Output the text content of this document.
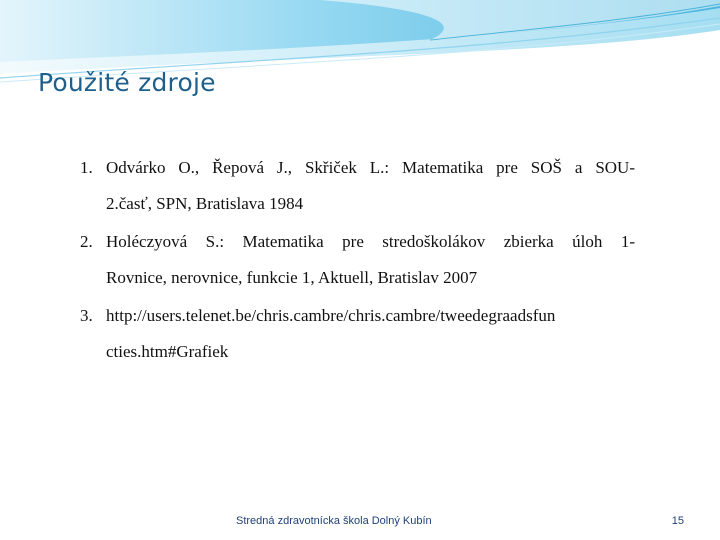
Použité zdroje
1. Odvárko O., Řepová J., Skřiček L.: Matematika pre SOŠ a SOU-
2.časť, SPN, Bratislava 1984
2. Holéczyová S.: Matematika pre stredoškolákov zbierka úloh 1-
Rovnice, nerovnice, funkcie 1, Aktuell, Bratislav 2007
3. http://users.telenet.be/chris.cambre/chris.cambre/tweedegraadsfun
cties.htm#Grafiek
Stredná zdravotnícka škola Dolný Kubín	15
